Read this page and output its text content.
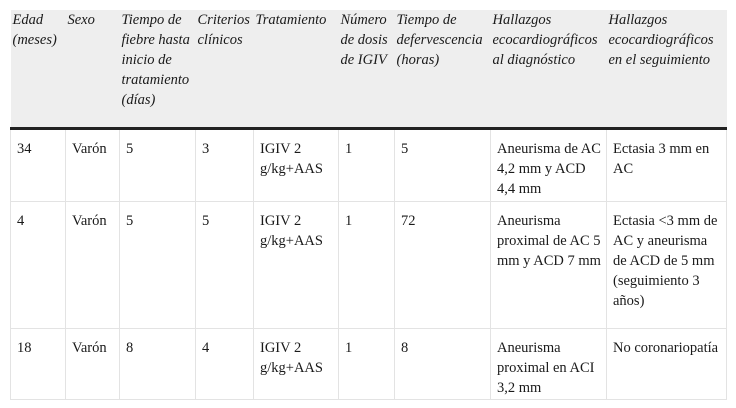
Edad (meses)	Sexo	Tiempo de fiebre hasta inicio de tratamiento (días)	Criterios clínicos	Tratamiento	Número de dosis de IGIV	Tiempo de defervescencia (horas)	Hallazgos ecocardiográficos al diagnóstico	Hallazgos ecocardiográficos en el seguimiento
34	Varón	5	3	IGIV 2 g/kg+AAS	1	5	Aneurisma de AC 4,2 mm y ACD 4,4 mm	Ectasia 3 mm en AC
4	Varón	5	5	IGIV 2 g/kg+AAS	1	72	Aneurisma proximal de AC 5 mm y ACD 7 mm	Ectasia <3 mm de AC y aneurisma de ACD de 5 mm (seguimiento 3 años)
18	Varón	8	4	IGIV 2 g/kg+AAS	1	8	Aneurisma proximal en ACI 3,2 mm	No coronariopatía
